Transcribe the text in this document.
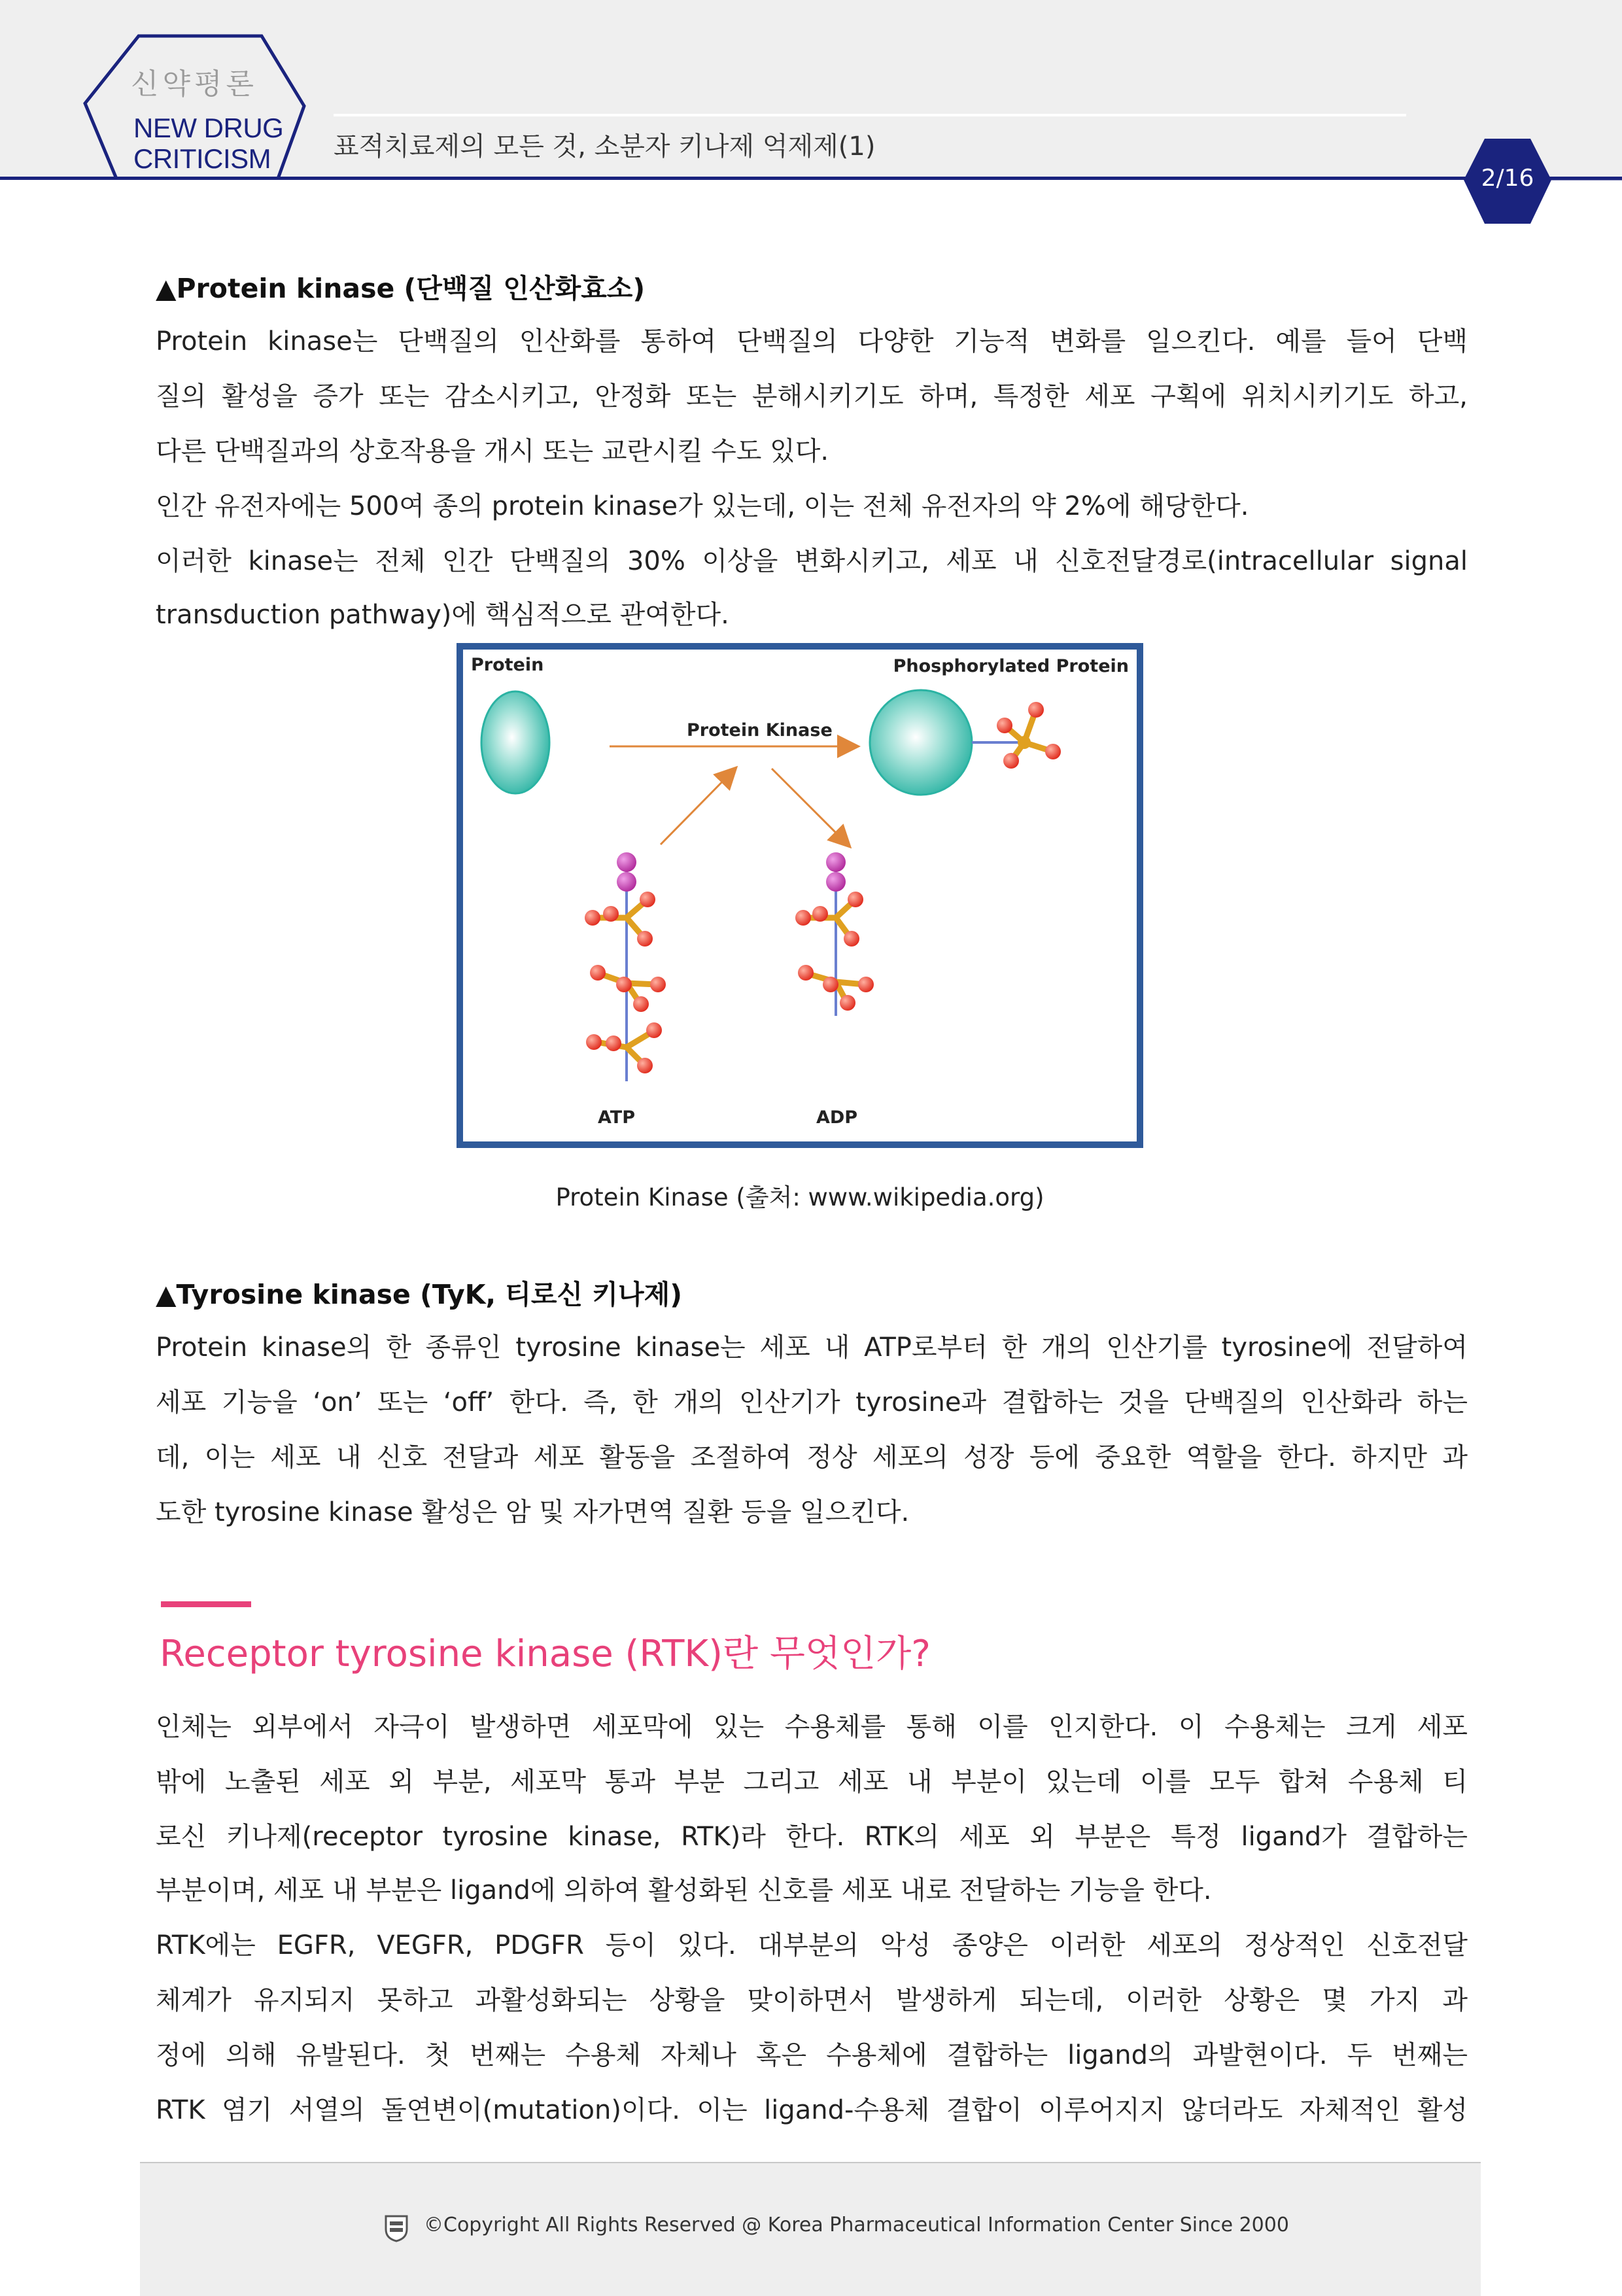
신약평론
NEW DRUG
CRITICISM	표적치료제의 모든 것, 소분자 키나제 억제제(1)
2/16
▲Protein kinase (단백질 인산화효소)
Protein kinase는 단백질의 인산화를 통하여 단백질의 다양한 기능적 변화를 일으킨다. 예를 들어 단백
질의 활성을 증가 또는 감소시키고, 안정화 또는 분해시키기도 하며, 특정한 세포 구획에 위치시키기도 하고,
다른 단백질과의 상호작용을 개시 또는 교란시킬 수도 있다.
인간 유전자에는 500여 종의 protein kinase가 있는데, 이는 전체 유전자의 약 2%에 해당한다.
이러한 kinase는 전체 인간 단백질의 30% 이상을 변화시키고, 세포 내 신호전달경로(intracellular signal
transduction pathway)에 핵심적으로 관여한다.
Protein	Phosphorylated Protein
Protein Kinase
ATP	ADP
Protein Kinase (출처: www.wikipedia.org)
▲Tyrosine kinase (TyK, 티로신 키나제)
Protein kinase의 한 종류인 tyrosine kinase는 세포 내 ATP로부터 한 개의 인산기를 tyrosine에 전달하여
세포 기능을 ‘on’ 또는 ‘off’ 한다. 즉, 한 개의 인산기가 tyrosine과 결합하는 것을 단백질의 인산화라 하는
데, 이는 세포 내 신호 전달과 세포 활동을 조절하여 정상 세포의 성장 등에 중요한 역할을 한다. 하지만 과
도한 tyrosine kinase 활성은 암 및 자가면역 질환 등을 일으킨다.
Receptor tyrosine kinase (RTK)란 무엇인가?
인체는 외부에서 자극이 발생하면 세포막에 있는 수용체를 통해 이를 인지한다. 이 수용체는 크게 세포
밖에 노출된 세포 외 부분, 세포막 통과 부분 그리고 세포 내 부분이 있는데 이를 모두 합쳐 수용체 티
로신 키나제(receptor tyrosine kinase, RTK)라 한다. RTK의 세포 외 부분은 특정 ligand가 결합하는
부분이며, 세포 내 부분은 ligand에 의하여 활성화된 신호를 세포 내로 전달하는 기능을 한다.
RTK에는 EGFR, VEGFR, PDGFR 등이 있다. 대부분의 악성 종양은 이러한 세포의 정상적인 신호전달
체계가 유지되지 못하고 과활성화되는 상황을 맞이하면서 발생하게 되는데, 이러한 상황은 몇 가지 과
정에 의해 유발된다. 첫 번째는 수용체 자체나 혹은 수용체에 결합하는 ligand의 과발현이다. 두 번째는
RTK 염기 서열의 돌연변이(mutation)이다. 이는 ligand-수용체 결합이 이루어지지 않더라도 자체적인 활성
©Copyright All Rights Reserved @ Korea Pharmaceutical Information Center Since 2000
